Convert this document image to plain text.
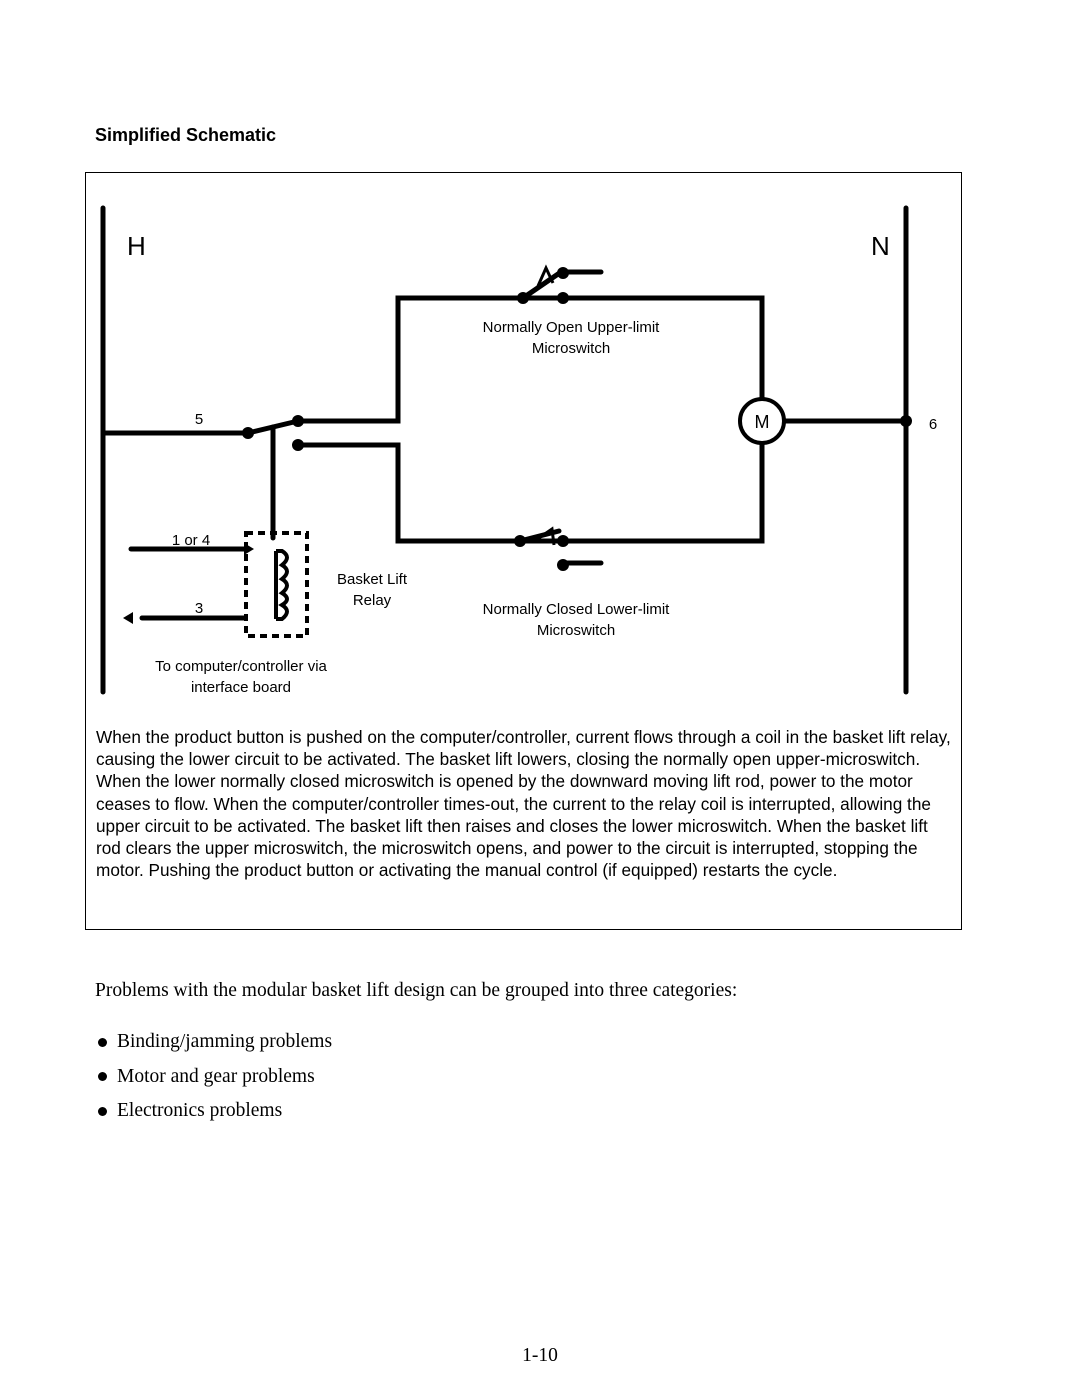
Simplified Schematic
H	N
M
5	6
1 or 4
3
Normally Open Upper-limit
Microswitch
Normally Closed Lower-limit
Microswitch
Basket Lift
Relay
To computer/controller via
interface board

When the product button is pushed on the computer/controller, current flows through a coil in the basket lift relay, causing the lower circuit to be activated. The basket lift lowers, closing the normally open upper-microswitch. When the lower normally closed microswitch is opened by the downward moving lift rod, power to the motor ceases to flow. When the computer/controller times-out, the current to the relay coil is interrupted, allowing the upper circuit to be activated. The basket lift then raises and closes the lower microswitch. When the basket lift rod clears the upper microswitch, the microswitch opens, and power to the circuit is interrupted, stopping the motor. Pushing the product button or activating the manual control (if equipped) restarts the cycle.

Problems with the modular basket lift design can be grouped into three categories:

Binding/jamming problems
Motor and gear problems
Electronics problems

1-10
